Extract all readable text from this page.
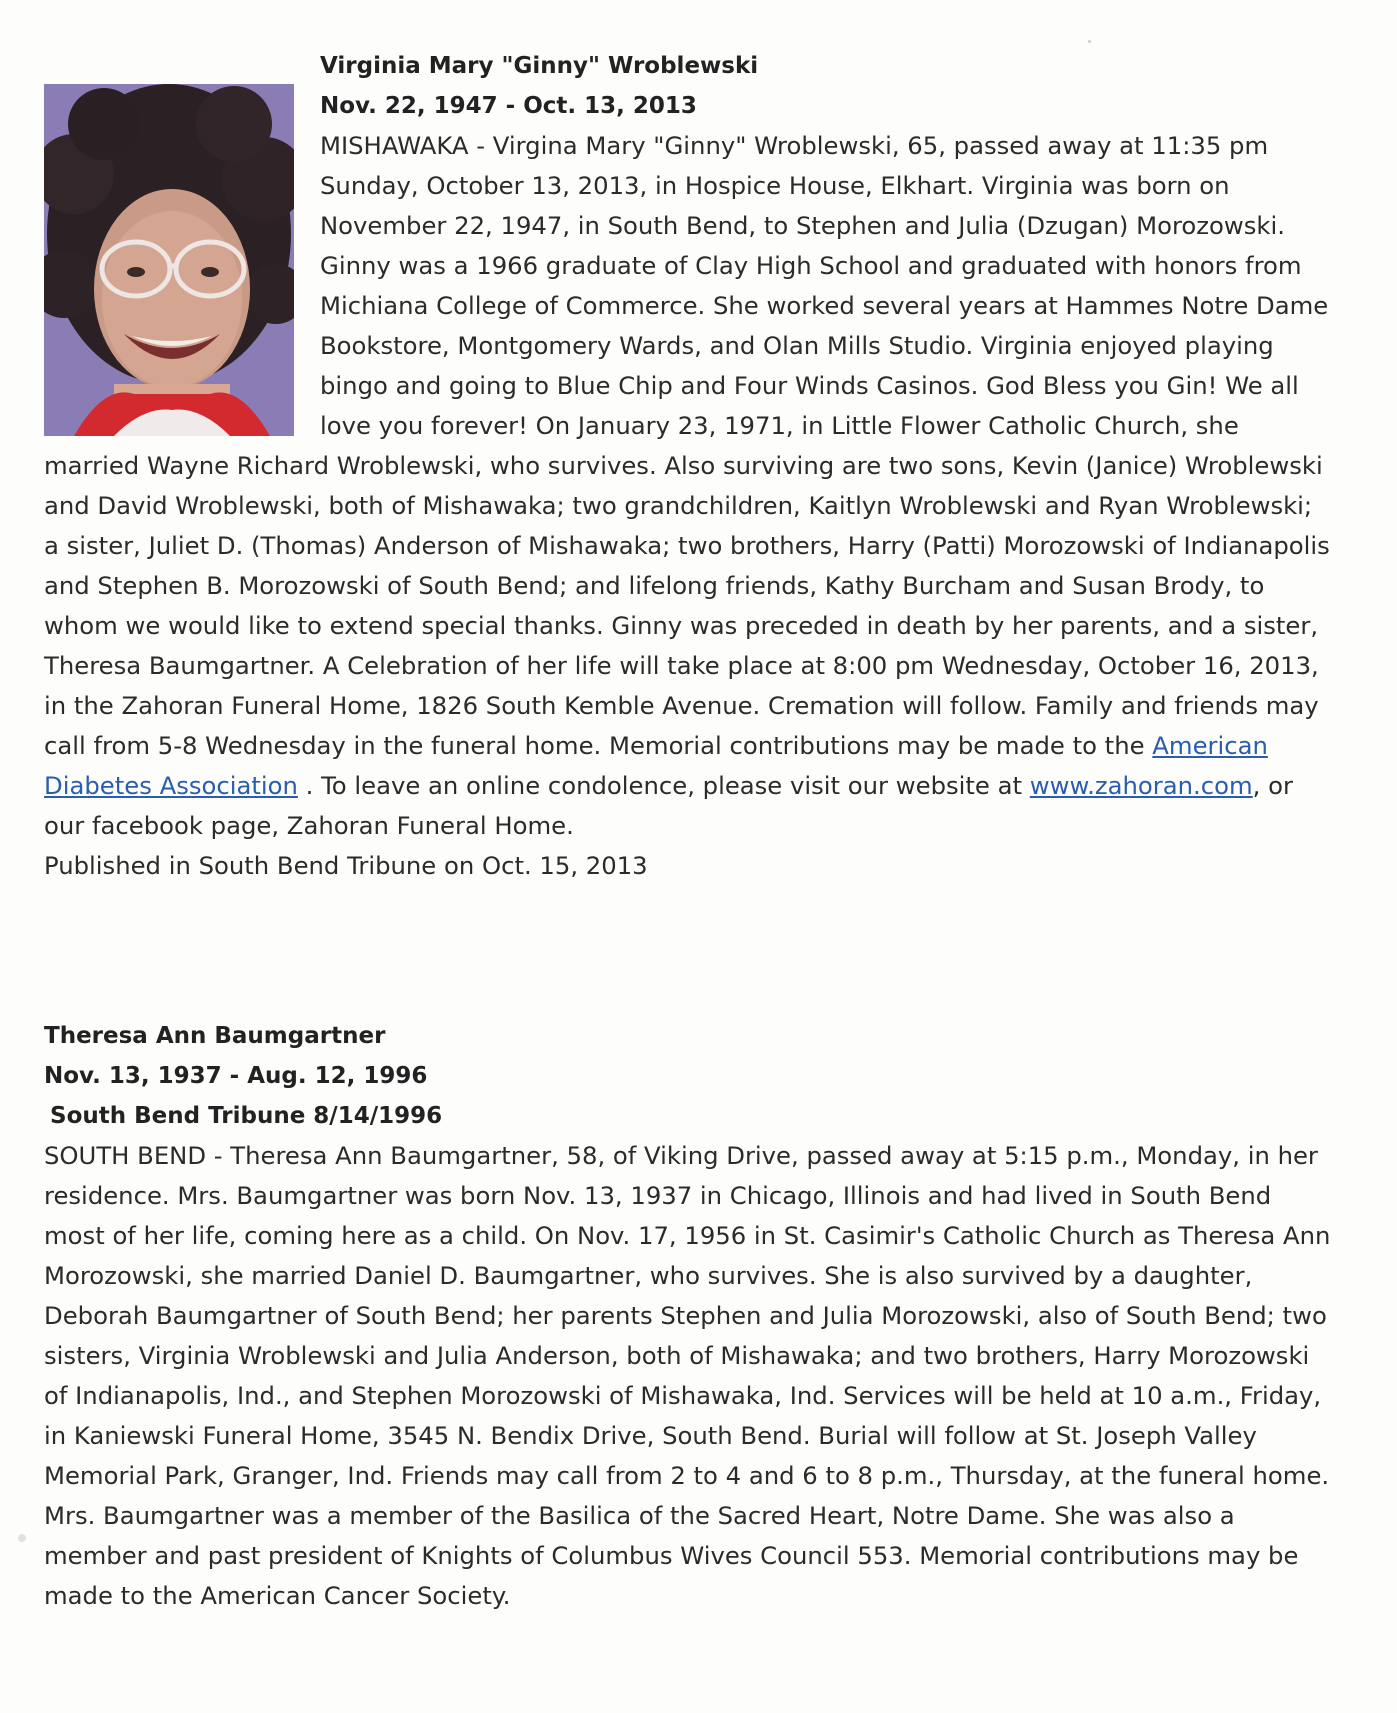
Virginia Mary "Ginny" Wroblewski

Nov. 22, 1947 - Oct. 13, 2013

MISHAWAKA - Virgina Mary "Ginny" Wroblewski, 65, passed away at 11:35 pm Sunday, October 13, 2013, in Hospice House, Elkhart. Virginia was born on November 22, 1947, in South Bend, to Stephen and Julia (Dzugan) Morozowski. Ginny was a 1966 graduate of Clay High School and graduated with honors from Michiana College of Commerce. She worked several years at Hammes Notre Dame Bookstore, Montgomery Wards, and Olan Mills Studio. Virginia enjoyed playing bingo and going to Blue Chip and Four Winds Casinos. God Bless you Gin! We all love you forever! On January 23, 1971, in Little Flower Catholic Church, she married Wayne Richard Wroblewski, who survives. Also surviving are two sons, Kevin (Janice) Wroblewski and David Wroblewski, both of Mishawaka; two grandchildren, Kaitlyn Wroblewski and Ryan Wroblewski; a sister, Juliet D. (Thomas) Anderson of Mishawaka; two brothers, Harry (Patti) Morozowski of Indianapolis and Stephen B. Morozowski of South Bend; and lifelong friends, Kathy Burcham and Susan Brody, to whom we would like to extend special thanks. Ginny was preceded in death by her parents, and a sister, Theresa Baumgartner. A Celebration of her life will take place at 8:00 pm Wednesday, October 16, 2013, in the Zahoran Funeral Home, 1826 South Kemble Avenue. Cremation will follow. Family and friends may call from 5-8 Wednesday in the funeral home. Memorial contributions may be made to the American Diabetes Association . To leave an online condolence, please visit our website at www.zahoran.com, or our facebook page, Zahoran Funeral Home.

Published in South Bend Tribune on Oct. 15, 2013

Theresa Ann Baumgartner

Nov. 13, 1937 - Aug. 12, 1996

South Bend Tribune 8/14/1996

SOUTH BEND - Theresa Ann Baumgartner, 58, of Viking Drive, passed away at 5:15 p.m., Monday, in her residence. Mrs. Baumgartner was born Nov. 13, 1937 in Chicago, Illinois and had lived in South Bend most of her life, coming here as a child. On Nov. 17, 1956 in St. Casimir's Catholic Church as Theresa Ann Morozowski, she married Daniel D. Baumgartner, who survives. She is also survived by a daughter, Deborah Baumgartner of South Bend; her parents Stephen and Julia Morozowski, also of South Bend; two sisters, Virginia Wroblewski and Julia Anderson, both of Mishawaka; and two brothers, Harry Morozowski of Indianapolis, Ind., and Stephen Morozowski of Mishawaka, Ind. Services will be held at 10 a.m., Friday, in Kaniewski Funeral Home, 3545 N. Bendix Drive, South Bend. Burial will follow at St. Joseph Valley Memorial Park, Granger, Ind. Friends may call from 2 to 4 and 6 to 8 p.m., Thursday, at the funeral home. Mrs. Baumgartner was a member of the Basilica of the Sacred Heart, Notre Dame. She was also a member and past president of Knights of Columbus Wives Council 553. Memorial contributions may be made to the American Cancer Society.
